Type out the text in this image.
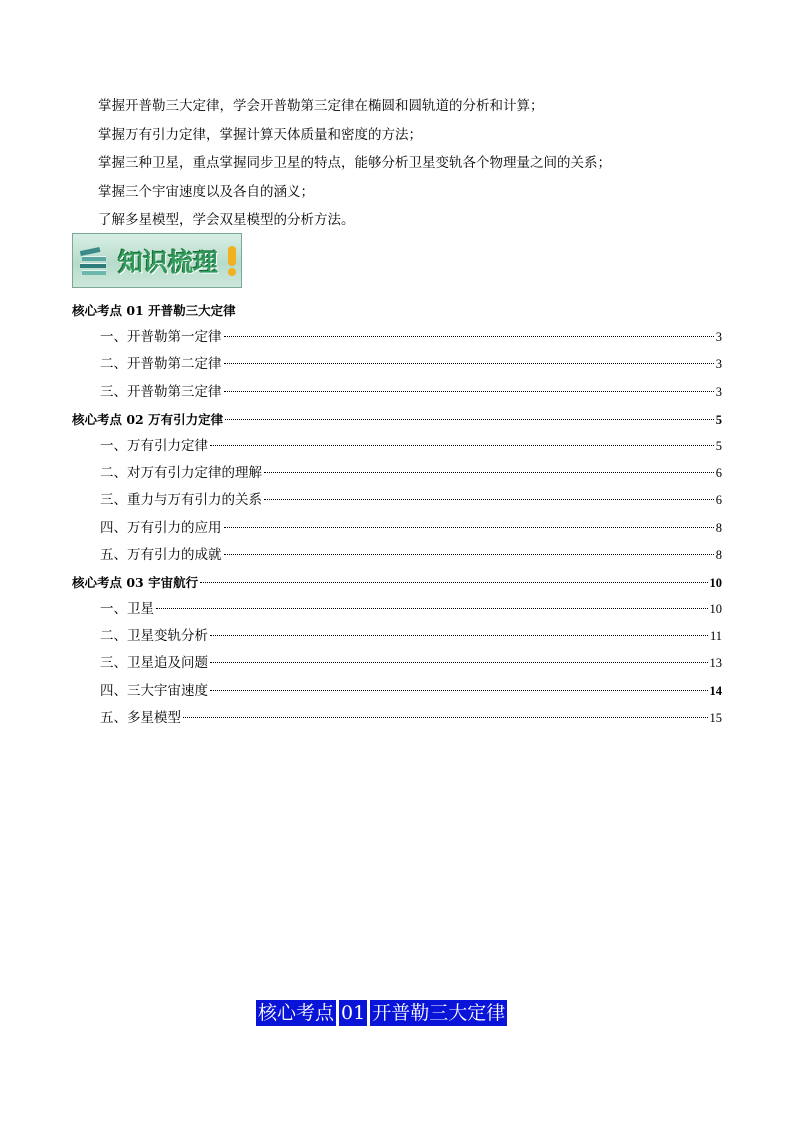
掌握开普勒三大定律，学会开普勒第三定律在椭圆和圆轨道的分析和计算；
掌握万有引力定律，掌握计算天体质量和密度的方法；
掌握三种卫星，重点掌握同步卫星的特点，能够分析卫星变轨各个物理量之间的关系；
掌握三个宇宙速度以及各自的涵义；
了解多星模型，学会双星模型的分析方法。
知识梳理
核心考点 01 开普勒三大定律
一、开普勒第一定律	3
二、开普勒第二定律	3
三、开普勒第三定律	3
核心考点 02 万有引力定律	5
一、万有引力定律	5
二、对万有引力定律的理解	6
三、重力与万有引力的关系	6
四、万有引力的应用	8
五、万有引力的成就	8
核心考点 03 宇宙航行	10
一、卫星	10
二、卫星变轨分析	11
三、卫星追及问题	13
四、三大宇宙速度	14
五、多星模型	15
核心考点 01 开普勒三大定律
